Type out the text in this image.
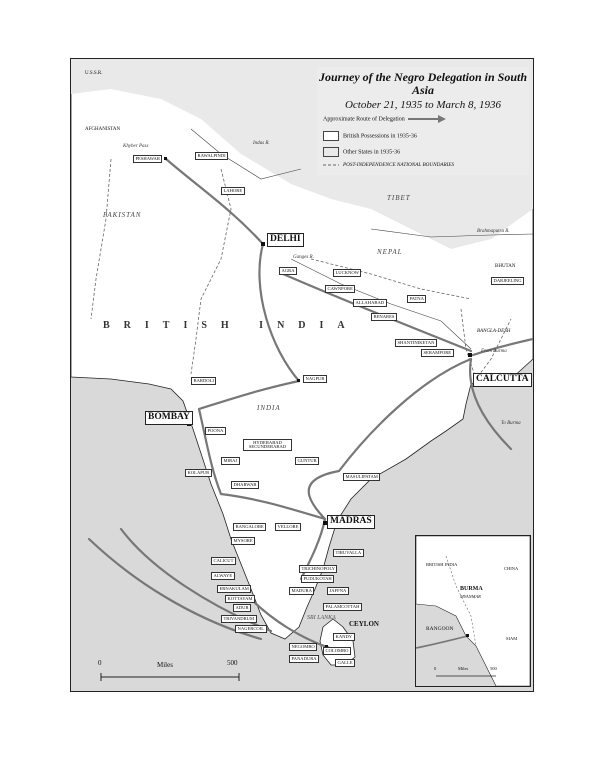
Journey of the Negro Delegation in South Asia
October 21, 1935 to March 8, 1936
Approximate Route of Delegation
British Possessions in 1935-36
Other States in 1935-36
POST-INDEPENDENCE NATIONAL BOUNDARIES
U.S.S.R.
AFGHANISTAN
PAKISTAN
TIBET
NEPAL
BHUTAN
BRITISH INDIA
BANGLA-DESH
INDIA
SRI LANKA
Khyber Pass
Indus R.
Ganges R.
Brahmaputra R.
From Burma
To Burma
PESHAWAR
RAWALPINDI
LAHORE
DELHI
AGRA	LUCKNOW
CAWNPORE
ALLAHABAD
BENARES
PATNA
DARJEELING
SHANTINIKETAN
SERAMPORE
CALCUTTA
BARDOLI	NAGPUR
BOMBAY
POONA
HYDERABAD SECUNDERABAD
MIRAJ
KOLAPUR
GUNTUR
MASULIPATAM
DHARWAR
BANGALORE	VELLORE	MADRAS
MYSORE
TIRUVALLA
CALICUT
ALWAYE
TRICHINOPOLY
PUDUKOTAH
ERNAKULAM
KOTTAYAM
MADURA	JAFFNA
ADUR	PALAMCOTTAH
TRIVANDRUM
NAGERCOIL
KANDY
CEYLON
NEGOMBO
COLOMBO
PANADURA
GALLE
0	Miles	500
BRITISH INDIA
CHINA
BURMA
MYANMAR
RANGOON
SIAM
0	Miles	500
